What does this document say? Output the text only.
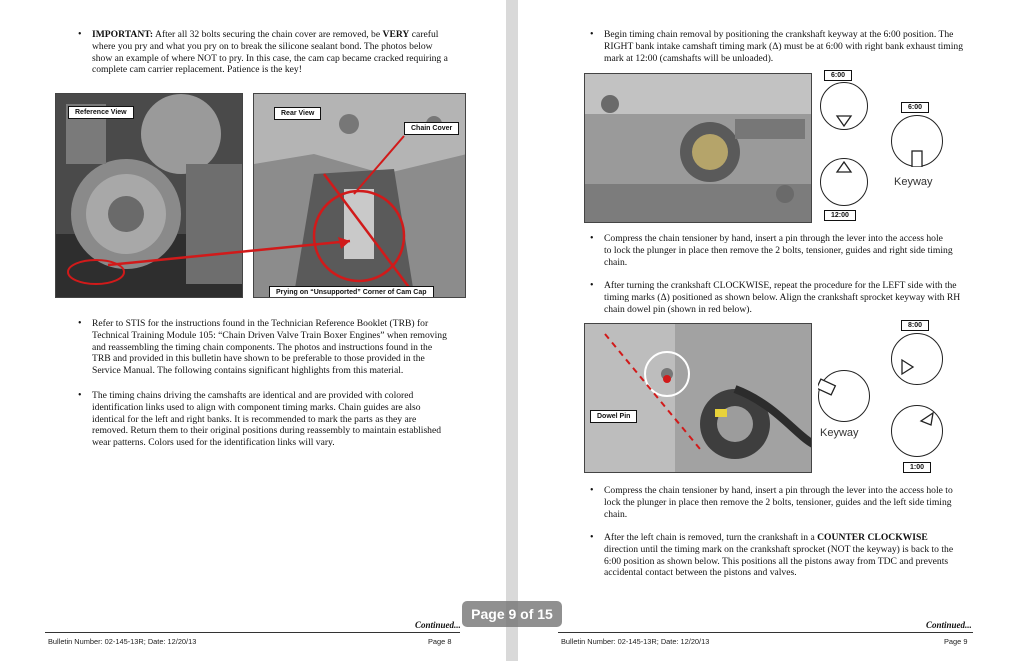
• IMPORTANT: After all 32 bolts securing the chain cover are removed, be VERY careful

where you pry and what you pry on to break the silicone sealant bond. The photos below

show an example of where NOT to pry. In this case, the cam cap became cracked requiring a

complete cam carrier replacement. Patience is the key!

Reference View	Rear View
Chain Cover
Prying on “Unsupported” Corner of Cam Cap
• Refer to STIS for the instructions found in the Technician Reference Booklet (TRB) for

Technical Training Module 105: “Chain Driven Valve Train Boxer Engines” when removing

and reassembling the timing chain components. The photos and instructions found in the

TRB and provided in this bulletin have shown to be preferable to those provided in the

Service Manual. The following contains significant highlights from this material.

• The timing chains driving the camshafts are identical and are provided with colored

identification links used to align with component timing marks. Chain guides are also

identical for the left and right banks. It is recommended to mark the parts as they are

removed. Return them to their original positions during reassembly to maintain established

wear patterns. Colors used for the identification links will vary.

Continued...
Bulletin Number: 02-145-13R; Date: 12/20/13	Page 8
• Begin timing chain removal by positioning the crankshaft keyway at the 6:00 position. The

RIGHT bank intake camshaft timing mark (Δ) must be at 6:00 with right bank exhaust timing

mark at 12:00 (camshafts will be unloaded).

6:00
12:00
6:00
Keyway
• Compress the chain tensioner by hand, insert a pin through the lever into the access hole

to lock the plunger in place then remove the 2 bolts, tensioner, guides and right side timing

chain.

• After turning the crankshaft CLOCKWISE, repeat the procedure for the LEFT side with the

timing marks (Δ) positioned as shown below. Align the crankshaft sprocket keyway with RH

chain dowel pin (shown in red below).

Dowel Pin
8:00
1:00
Keyway
• Compress the chain tensioner by hand, insert a pin through the lever into the access hole to

lock the plunger in place then remove the 2 bolts, tensioner, guides and the left side timing

chain.

• After the left chain is removed, turn the crankshaft in a COUNTER CLOCKWISE

direction until the timing mark on the crankshaft sprocket (NOT the keyway) is back to the

6:00 position as shown below. This positions all the pistons away from TDC and prevents

accidental contact between the pistons and valves.

Continued...
Bulletin Number: 02-145-13R; Date: 12/20/13	Page 9
Page 9 of 15
